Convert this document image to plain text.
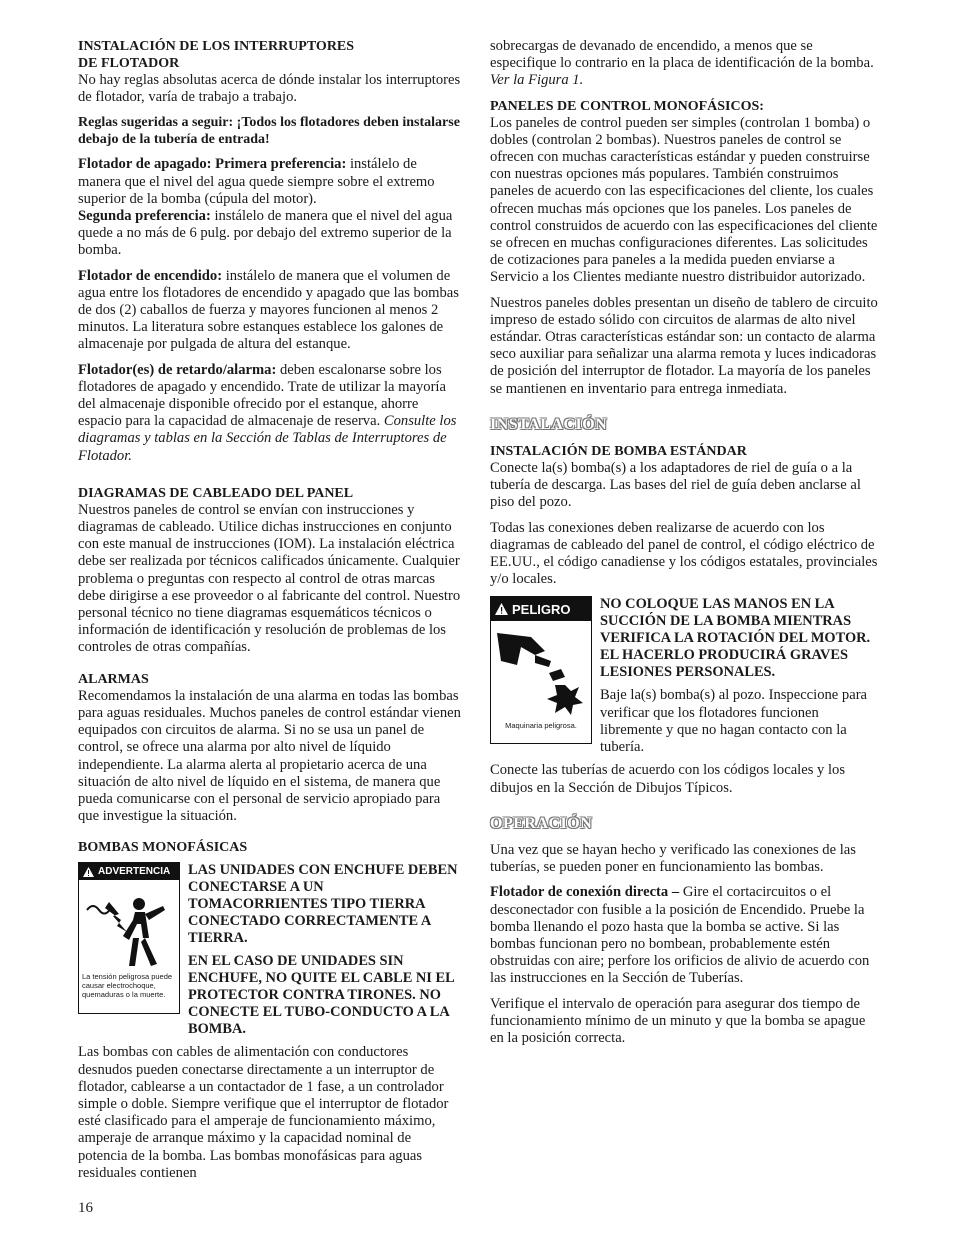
INSTALACIÓN DE LOS INTERRUPTORES
DE FLOTADOR

No hay reglas absolutas acerca de dónde instalar los interruptores de flotador, varía de trabajo a trabajo.

Reglas sugeridas a seguir: ¡Todos los flotadores deben instalarse debajo de la tubería de entrada!

Flotador de apagado: Primera preferencia: instálelo de manera que el nivel del agua quede siempre sobre el extremo superior de la bomba (cúpula del motor).

Segunda preferencia: instálelo de manera que el nivel del agua quede a no más de 6 pulg. por debajo del extremo superior de la bomba.

Flotador de encendido: instálelo de manera que el volumen de agua entre los flotadores de encendido y apagado que las bombas de dos (2) caballos de fuerza y mayores funcionen al menos 2 minutos. La literatura sobre estanques establece los galones de almacenaje por pulgada de altura del estanque.

Flotador(es) de retardo/alarma: deben escalonarse sobre los flotadores de apagado y encendido. Trate de utilizar la mayoría del almacenaje disponible ofrecido por el estanque, ahorre espacio para la capacidad de almacenaje de reserva. Consulte los diagramas y tablas en la Sección de Tablas de Interruptores de Flotador.

DIAGRAMAS DE CABLEADO DEL PANEL

Nuestros paneles de control se envían con instrucciones y diagramas de cableado. Utilice dichas instrucciones en conjunto con este manual de instrucciones (IOM). La instalación eléctrica debe ser realizada por técnicos calificados únicamente. Cualquier problema o preguntas con respecto al control de otras marcas debe dirigirse a ese proveedor o al fabricante del control. Nuestro personal técnico no tiene diagramas esquemáticos técnicos o información de identificación y resolución de problemas de los controles de otras compañías.

ALARMAS

Recomendamos la instalación de una alarma en todas las bombas para aguas residuales. Muchos paneles de control estándar vienen equipados con circuitos de alarma. Si no se usa un panel de control, se ofrece una alarma por alto nivel de líquido independiente. La alarma alerta al propietario acerca de una situación de alto nivel de líquido en el sistema, de manera que pueda comunicarse con el personal de servicio apropiado para que investigue la situación.

BOMBAS MONOFÁSICAS
ADVERTENCIA
La tensión peligrosa puede causar electrochoque, quemaduras o la muerte.

LAS UNIDADES CON ENCHUFE DEBEN CONECTARSE A UN TOMACORRIENTES TIPO TIERRA CONECTADO CORRECTAMENTE A TIERRA.

EN EL CASO DE UNIDADES SIN ENCHUFE, NO QUITE EL CABLE NI EL PROTECTOR CONTRA TIRONES. NO CONECTE EL TUBO-CONDUCTO A LA BOMBA.

Las bombas con cables de alimentación con conductores desnudos pueden conectarse directamente a un interruptor de flotador, cablearse a un contactador de 1 fase, a un controlador simple o doble. Siempre verifique que el interruptor de flotador esté clasificado para el amperaje de funcionamiento máximo, amperaje de arranque máximo y la capacidad nominal de potencia de la bomba. Las bombas monofásicas para aguas residuales contienen

sobrecargas de devanado de encendido, a menos que se especifique lo contrario en la placa de identificación de la bomba. Ver la Figura 1.

PANELES DE CONTROL MONOFÁSICOS:

Los paneles de control pueden ser simples (controlan 1 bomba) o dobles (controlan 2 bombas). Nuestros paneles de control se ofrecen con muchas características estándar y pueden construirse con nuestras opciones más populares. También construimos paneles de acuerdo con las especificaciones del cliente, los cuales ofrecen muchas más opciones que los paneles. Los paneles de control construidos de acuerdo con las especificaciones del cliente se ofrecen en muchas configuraciones diferentes. Las solicitudes de cotizaciones para paneles a la medida pueden enviarse a Servicio a los Clientes mediante nuestro distribuidor autorizado.

Nuestros paneles dobles presentan un diseño de tablero de circuito impreso de estado sólido con circuitos de alarmas de alto nivel estándar. Otras características estándar son: un contacto de alarma seco auxiliar para señalizar una alarma remota y luces indicadoras de posición del interruptor de flotador. La mayoría de los paneles se mantienen en inventario para entrega inmediata.

INSTALACIÓN
INSTALACIÓN DE BOMBA ESTÁNDAR

Conecte la(s) bomba(s) a los adaptadores de riel de guía o a la tubería de descarga. Las bases del riel de guía deben anclarse al piso del pozo.

Todas las conexiones deben realizarse de acuerdo con los diagramas de cableado del panel de control, el código eléctrico de EE.UU., el código canadiense y los códigos estatales, provinciales y/o locales.

PELIGRO
Maquinaria peligrosa.

NO COLOQUE LAS MANOS EN LA SUCCIÓN DE LA BOMBA MIENTRAS VERIFICA LA ROTACIÓN DEL MOTOR. EL HACERLO PRODUCIRÁ GRAVES LESIONES PERSONALES.

Baje la(s) bomba(s) al pozo. Inspeccione para verificar que los flotadores funcionen libremente y que no hagan contacto con la tubería.

Conecte las tuberías de acuerdo con los códigos locales y los dibujos en la Sección de Dibujos Típicos.

OPERACIÓN

Una vez que se hayan hecho y verificado las conexiones de las tuberías, se pueden poner en funcionamiento las bombas.

Flotador de conexión directa – Gire el cortacircuitos o el desconectador con fusible a la posición de Encendido. Pruebe la bomba llenando el pozo hasta que la bomba se active. Si las bombas funcionan pero no bombean, probablemente estén obstruidas con aire; perfore los orificios de alivio de acuerdo con las instrucciones en la Sección de Tuberías.

Verifique el intervalo de operación para asegurar dos tiempo de funcionamiento mínimo de un minuto y que la bomba se apague en la posición correcta.

16
